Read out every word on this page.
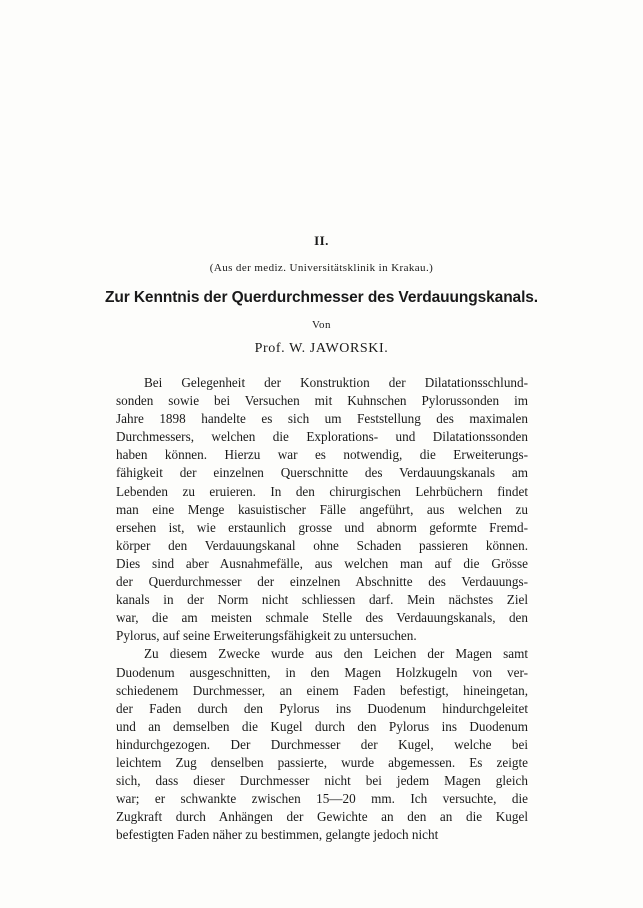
II.

(Aus der mediz. Universitätsklinik in Krakau.)

Zur Kenntnis der Querdurchmesser des Verdauungskanals.

Von

Prof. W. JAWORSKI.

Bei Gelegenheit der Konstruktion der Dilatationsschlund-
sonden sowie bei Versuchen mit Kuhnschen Pylorussonden im
Jahre 1898 handelte es sich um Feststellung des maximalen
Durchmessers, welchen die Explorations- und Dilatationssonden
haben können. Hierzu war es notwendig, die Erweiterungs-
fähigkeit der einzelnen Querschnitte des Verdauungskanals am
Lebenden zu eruieren. In den chirurgischen Lehrbüchern findet
man eine Menge kasuistischer Fälle angeführt, aus welchen zu
ersehen ist, wie erstaunlich grosse und abnorm geformte Fremd-
körper den Verdauungskanal ohne Schaden passieren können.
Dies sind aber Ausnahmefälle, aus welchen man auf die Grösse
der Querdurchmesser der einzelnen Abschnitte des Verdauungs-
kanals in der Norm nicht schliessen darf. Mein nächstes Ziel
war, die am meisten schmale Stelle des Verdauungskanals, den
Pylorus, auf seine Erweiterungsfähigkeit zu untersuchen.
Zu diesem Zwecke wurde aus den Leichen der Magen samt
Duodenum ausgeschnitten, in den Magen Holzkugeln von ver-
schiedenem Durchmesser, an einem Faden befestigt, hineingetan,
der Faden durch den Pylorus ins Duodenum hindurchgeleitet
und an demselben die Kugel durch den Pylorus ins Duodenum
hindurchgezogen. Der Durchmesser der Kugel, welche bei
leichtem Zug denselben passierte, wurde abgemessen. Es zeigte
sich, dass dieser Durchmesser nicht bei jedem Magen gleich
war; er schwankte zwischen 15—20 mm. Ich versuchte, die
Zugkraft durch Anhängen der Gewichte an den an die Kugel
befestigten Faden näher zu bestimmen, gelangte jedoch nicht
